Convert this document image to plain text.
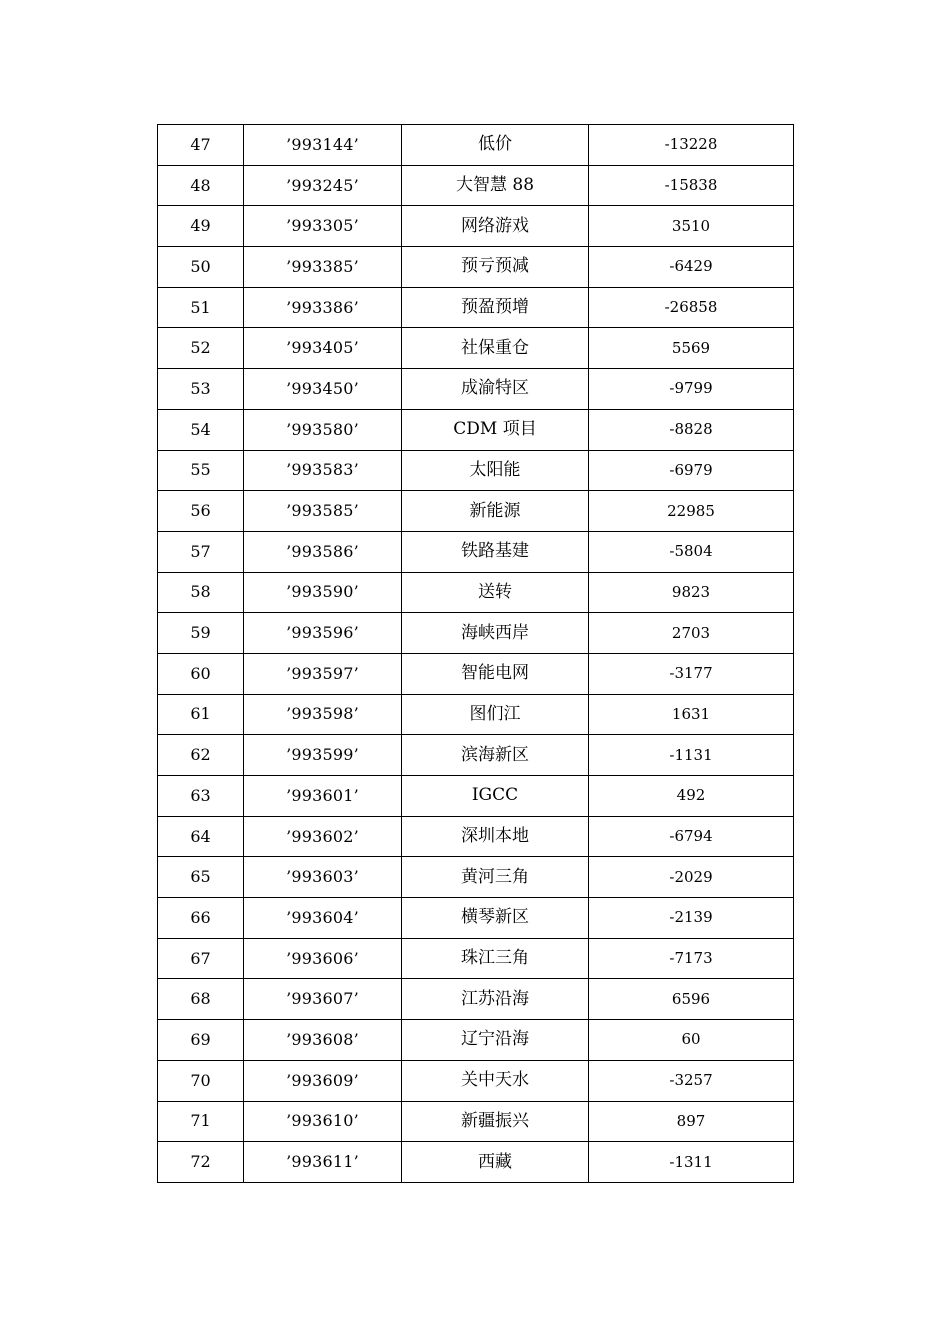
47	’993144’	低价	-13228
48	’993245’	大智慧 88	-15838
49	’993305’	网络游戏	3510
50	’993385’	预亏预减	-6429
51	’993386’	预盈预增	-26858
52	’993405’	社保重仓	5569
53	’993450’	成渝特区	-9799
54	’993580’	CDM 项目	-8828
55	’993583’	太阳能	-6979
56	’993585’	新能源	22985
57	’993586’	铁路基建	-5804
58	’993590’	送转	9823
59	’993596’	海峡西岸	2703
60	’993597’	智能电网	-3177
61	’993598’	图们江	1631
62	’993599’	滨海新区	-1131
63	’993601’	IGCC	492
64	’993602’	深圳本地	-6794
65	’993603’	黄河三角	-2029
66	’993604’	横琴新区	-2139
67	’993606’	珠江三角	-7173
68	’993607’	江苏沿海	6596
69	’993608’	辽宁沿海	60
70	’993609’	关中天水	-3257
71	’993610’	新疆振兴	897
72	’993611’	西藏	-1311
